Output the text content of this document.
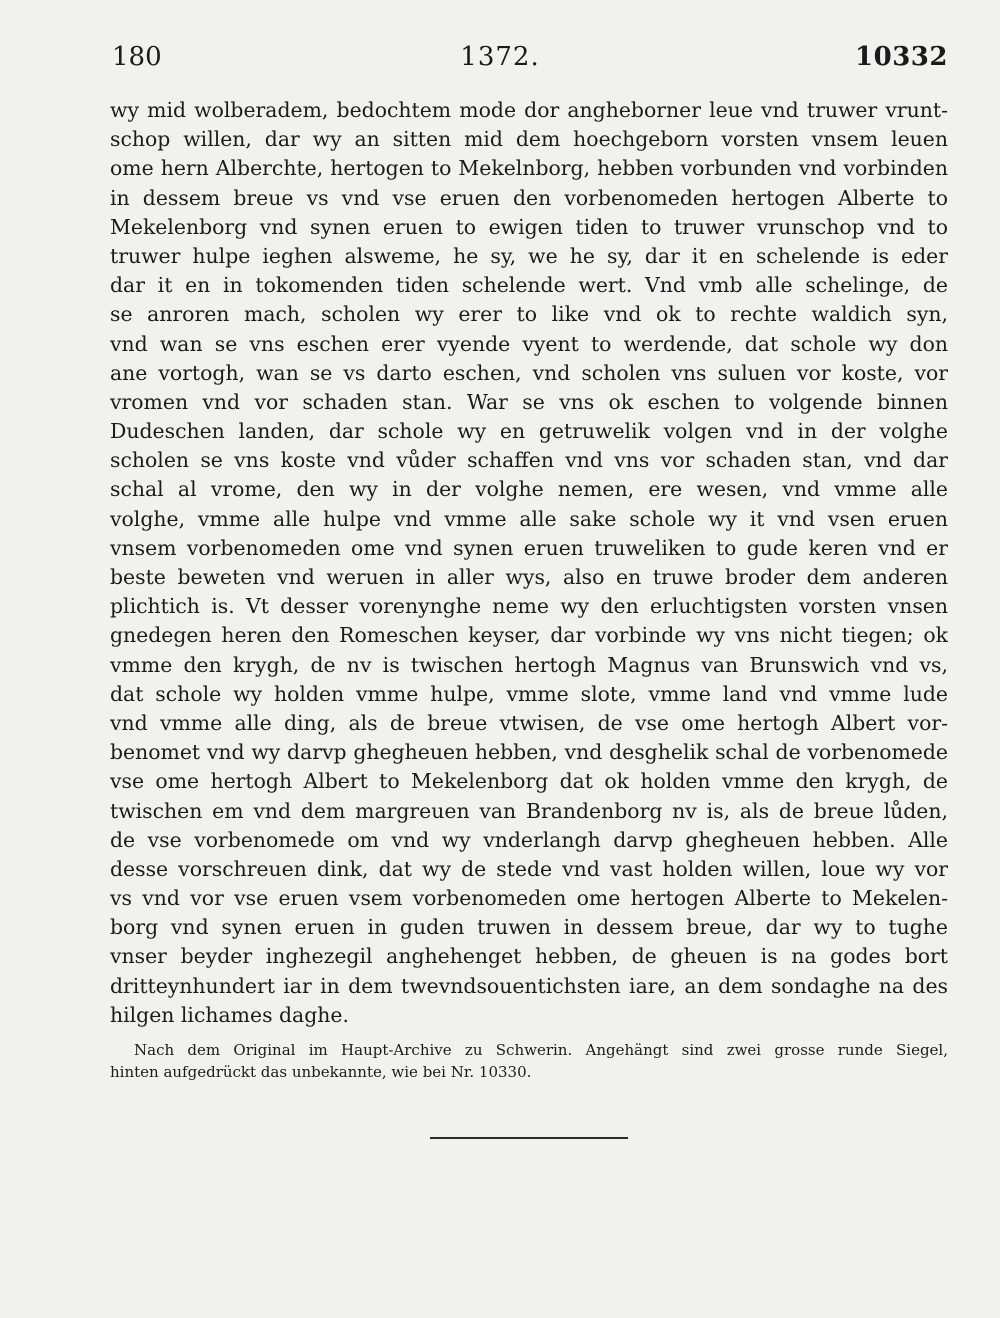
180	1372.	10332
wy mid wolberadem, bedochtem mode dor angheborner leue vnd truwer vrunt-
schop willen, dar wy an sitten mid dem hoechgeborn vorsten vnsem leuen
ome hern Alberchte, hertogen to Mekelnborg, hebben vorbunden vnd vorbinden
in dessem breue vs vnd vse eruen den vorbenomeden hertogen Alberte to
Mekelenborg vnd synen eruen to ewigen tiden to truwer vrunschop vnd to
truwer hulpe ieghen alsweme, he sy, we he sy, dar it en schelende is eder
dar it en in tokomenden tiden schelende wert. Vnd vmb alle schelinge, de
se anroren mach, scholen wy erer to like vnd ok to rechte waldich syn,
vnd wan se vns eschen erer vyende vyent to werdende, dat schole wy don
ane vortogh, wan se vs darto eschen, vnd scholen vns suluen vor koste, vor
vromen vnd vor schaden stan. War se vns ok eschen to volgende binnen
Dudeschen landen, dar schole wy en getruwelik volgen vnd in der volghe
scholen se vns koste vnd vůder schaffen vnd vns vor schaden stan, vnd dar
schal al vrome, den wy in der volghe nemen, ere wesen, vnd vmme alle
volghe, vmme alle hulpe vnd vmme alle sake schole wy it vnd vsen eruen
vnsem vorbenomeden ome vnd synen eruen truweliken to gude keren vnd er
beste beweten vnd weruen in aller wys, also en truwe broder dem anderen
plichtich is. Vt desser vorenynghe neme wy den erluchtigsten vorsten vnsen
gnedegen heren den Romeschen keyser, dar vorbinde wy vns nicht tiegen; ok
vmme den krygh, de nv is twischen hertogh Magnus van Brunswich vnd vs,
dat schole wy holden vmme hulpe, vmme slote, vmme land vnd vmme lude
vnd vmme alle ding, als de breue vtwisen, de vse ome hertogh Albert vor-
benomet vnd wy darvp ghegheuen hebben, vnd desghelik schal de vorbenomede
vse ome hertogh Albert to Mekelenborg dat ok holden vmme den krygh, de
twischen em vnd dem margreuen van Brandenborg nv is, als de breue lůden,
de vse vorbenomede om vnd wy vnderlangh darvp ghegheuen hebben. Alle
desse vorschreuen dink, dat wy de stede vnd vast holden willen, loue wy vor
vs vnd vor vse eruen vsem vorbenomeden ome hertogen Alberte to Mekelen-
borg vnd synen eruen in guden truwen in dessem breue, dar wy to tughe
vnser beyder inghezegil anghehenget hebben, de gheuen is na godes bort
dritteynhundert iar in dem twevndsouentichsten iare, an dem sondaghe na des
hilgen lichames daghe.
Nach dem Original im Haupt-Archive zu Schwerin. Angehängt sind zwei grosse runde Siegel,
hinten aufgedrückt das unbekannte, wie bei Nr. 10330.
